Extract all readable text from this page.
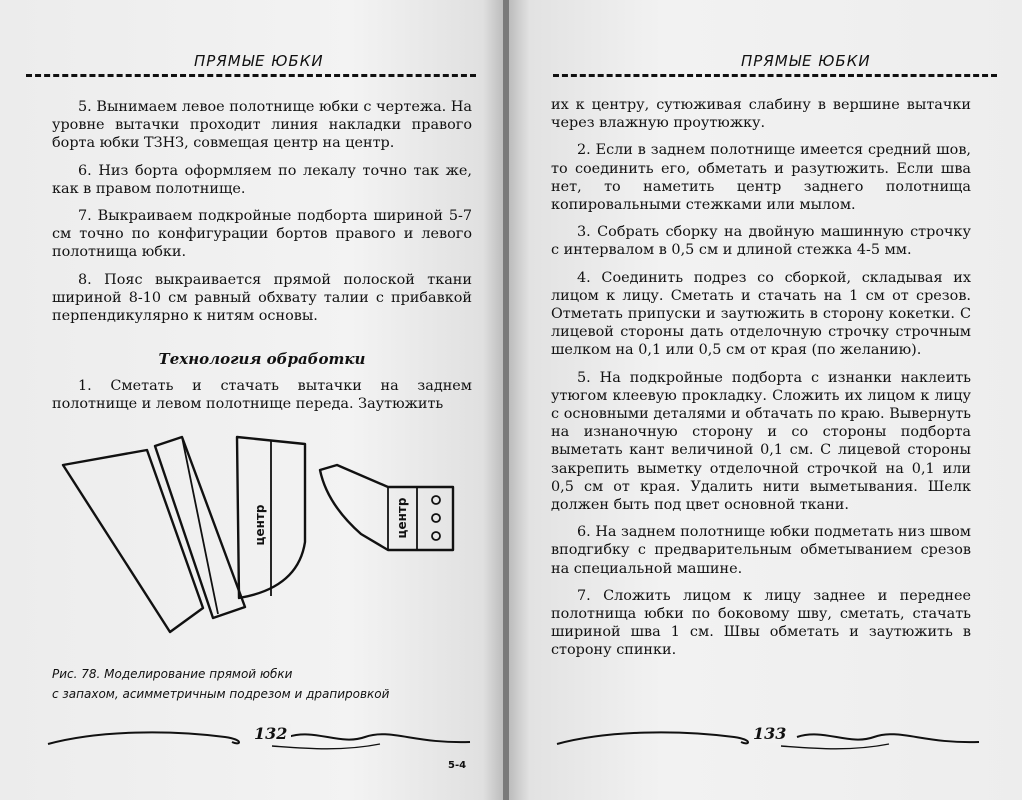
ПРЯМЫЕ ЮБКИ

5. Вынимаем левое полотнище юбки с чертежа. На уровне вытачки проходит линия накладки правого борта юбки ТЗНЗ, совмещая центр на центр.

6. Низ борта оформляем по лекалу точно так же, как в правом полотнище.

7. Выкраиваем подкройные подборта шириной 5-7 см точно по конфигурации бортов правого и левого полотнища юбки.

8. Пояс выкраивается прямой полоской ткани шириной 8-10 см равный обхвату талии с прибавкой перпендикулярно к нитям основы.

Технология обработки

1. Сметать и стачать вытачки на заднем полотнище и левом полотнище переда. Заутюжить

центр	центр
Рис. 78. Моделирование прямой юбки
с запахом, асимметричным подрезом и драпировкой
132
5-4
ПРЯМЫЕ ЮБКИ

их к центру, сутюживая слабину в вершине вытачки через влажную проутюжку.

2. Если в заднем полотнище имеется средний шов, то соединить его, обметать и разутюжить. Если шва нет, то наметить центр заднего полотнища копировальными стежками или мылом.

3. Собрать сборку на двойную машинную строчку с интервалом в 0,5 см и длиной стежка 4-5 мм.

4. Соединить подрез со сборкой, складывая их лицом к лицу. Сметать и стачать на 1 см от срезов. Отметать припуски и заутюжить в сторону кокетки. С лицевой стороны дать отделочную строчку строчным шелком на 0,1 или 0,5 см от края (по желанию).

5. На подкройные подборта с изнанки наклеить утюгом клеевую прокладку. Сложить их лицом к лицу с основными деталями и обтачать по краю. Вывернуть на изнаночную сторону и со стороны подборта выметать кант величиной 0,1 см. С лицевой стороны закрепить выметку отделочной строчкой на 0,1 или 0,5 см от края. Удалить нити выметывания. Шелк должен быть под цвет основной ткани.

6. На заднем полотнище юбки подметать низ швом вподгибку с предварительным обметыванием срезов на специальной машине.

7. Сложить лицом к лицу заднее и переднее полотнища юбки по боковому шву, сметать, стачать шириной шва 1 см. Швы обметать и заутюжить в сторону спинки.

133
